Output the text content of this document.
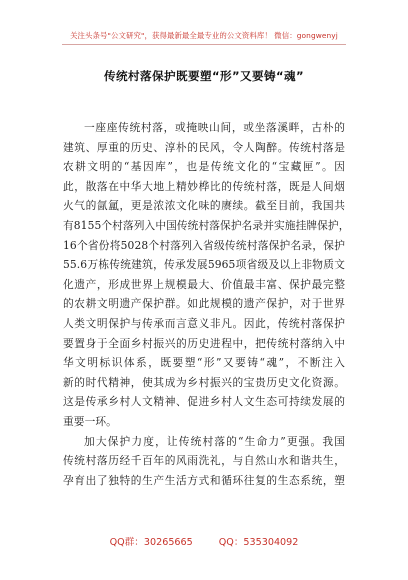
关注头条号"公文研究"，获得最新最全最专业的公文资料库！ 微信：gongwenyj
传统村落保护既要塑“形”又要铸“魂”
一座座传统村落，或掩映山间，或坐落溪畔，古朴的
建筑、厚重的历史、淳朴的民风，令人陶醉。传统村落是
农耕文明的“基因库”，也是传统文化的“宝藏匣”。因
此，散落在中华大地上精妙桦比的传统村落，既是人间烟
火气的氤氲，更是浓浓文化味的赓续。截至目前，我国共
有8155个村落列入中国传统村落保护名录并实施挂牌保护，
16个省份将5028个村落列入省级传统村落保护名录，保护
55.6万栋传统建筑，传承发展5965项省级及以上非物质文
化遗产，形成世界上规模最大、价值最丰富、保护最完整
的农耕文明遗产保护群。如此规模的遗产保护，对于世界
人类文明保护与传承而言意义非凡。因此，传统村落保护
要置身于全面乡村振兴的历史进程中，把传统村落纳入中
华文明标识体系，既要塑“形”又要铸“魂”，不断注入
新的时代精神，使其成为乡村振兴的宝贵历史文化资源。
这是传承乡村人文精神、促进乡村人文生态可持续发展的
重要一环。
加大保护力度，让传统村落的“生命力”更强。我国
传统村落历经千百年的风雨洗礼，与自然山水和谐共生，
孕育出了独特的生产生活方式和循环往复的生态系统，塑
QQ群：30265665	QQ：535304092
